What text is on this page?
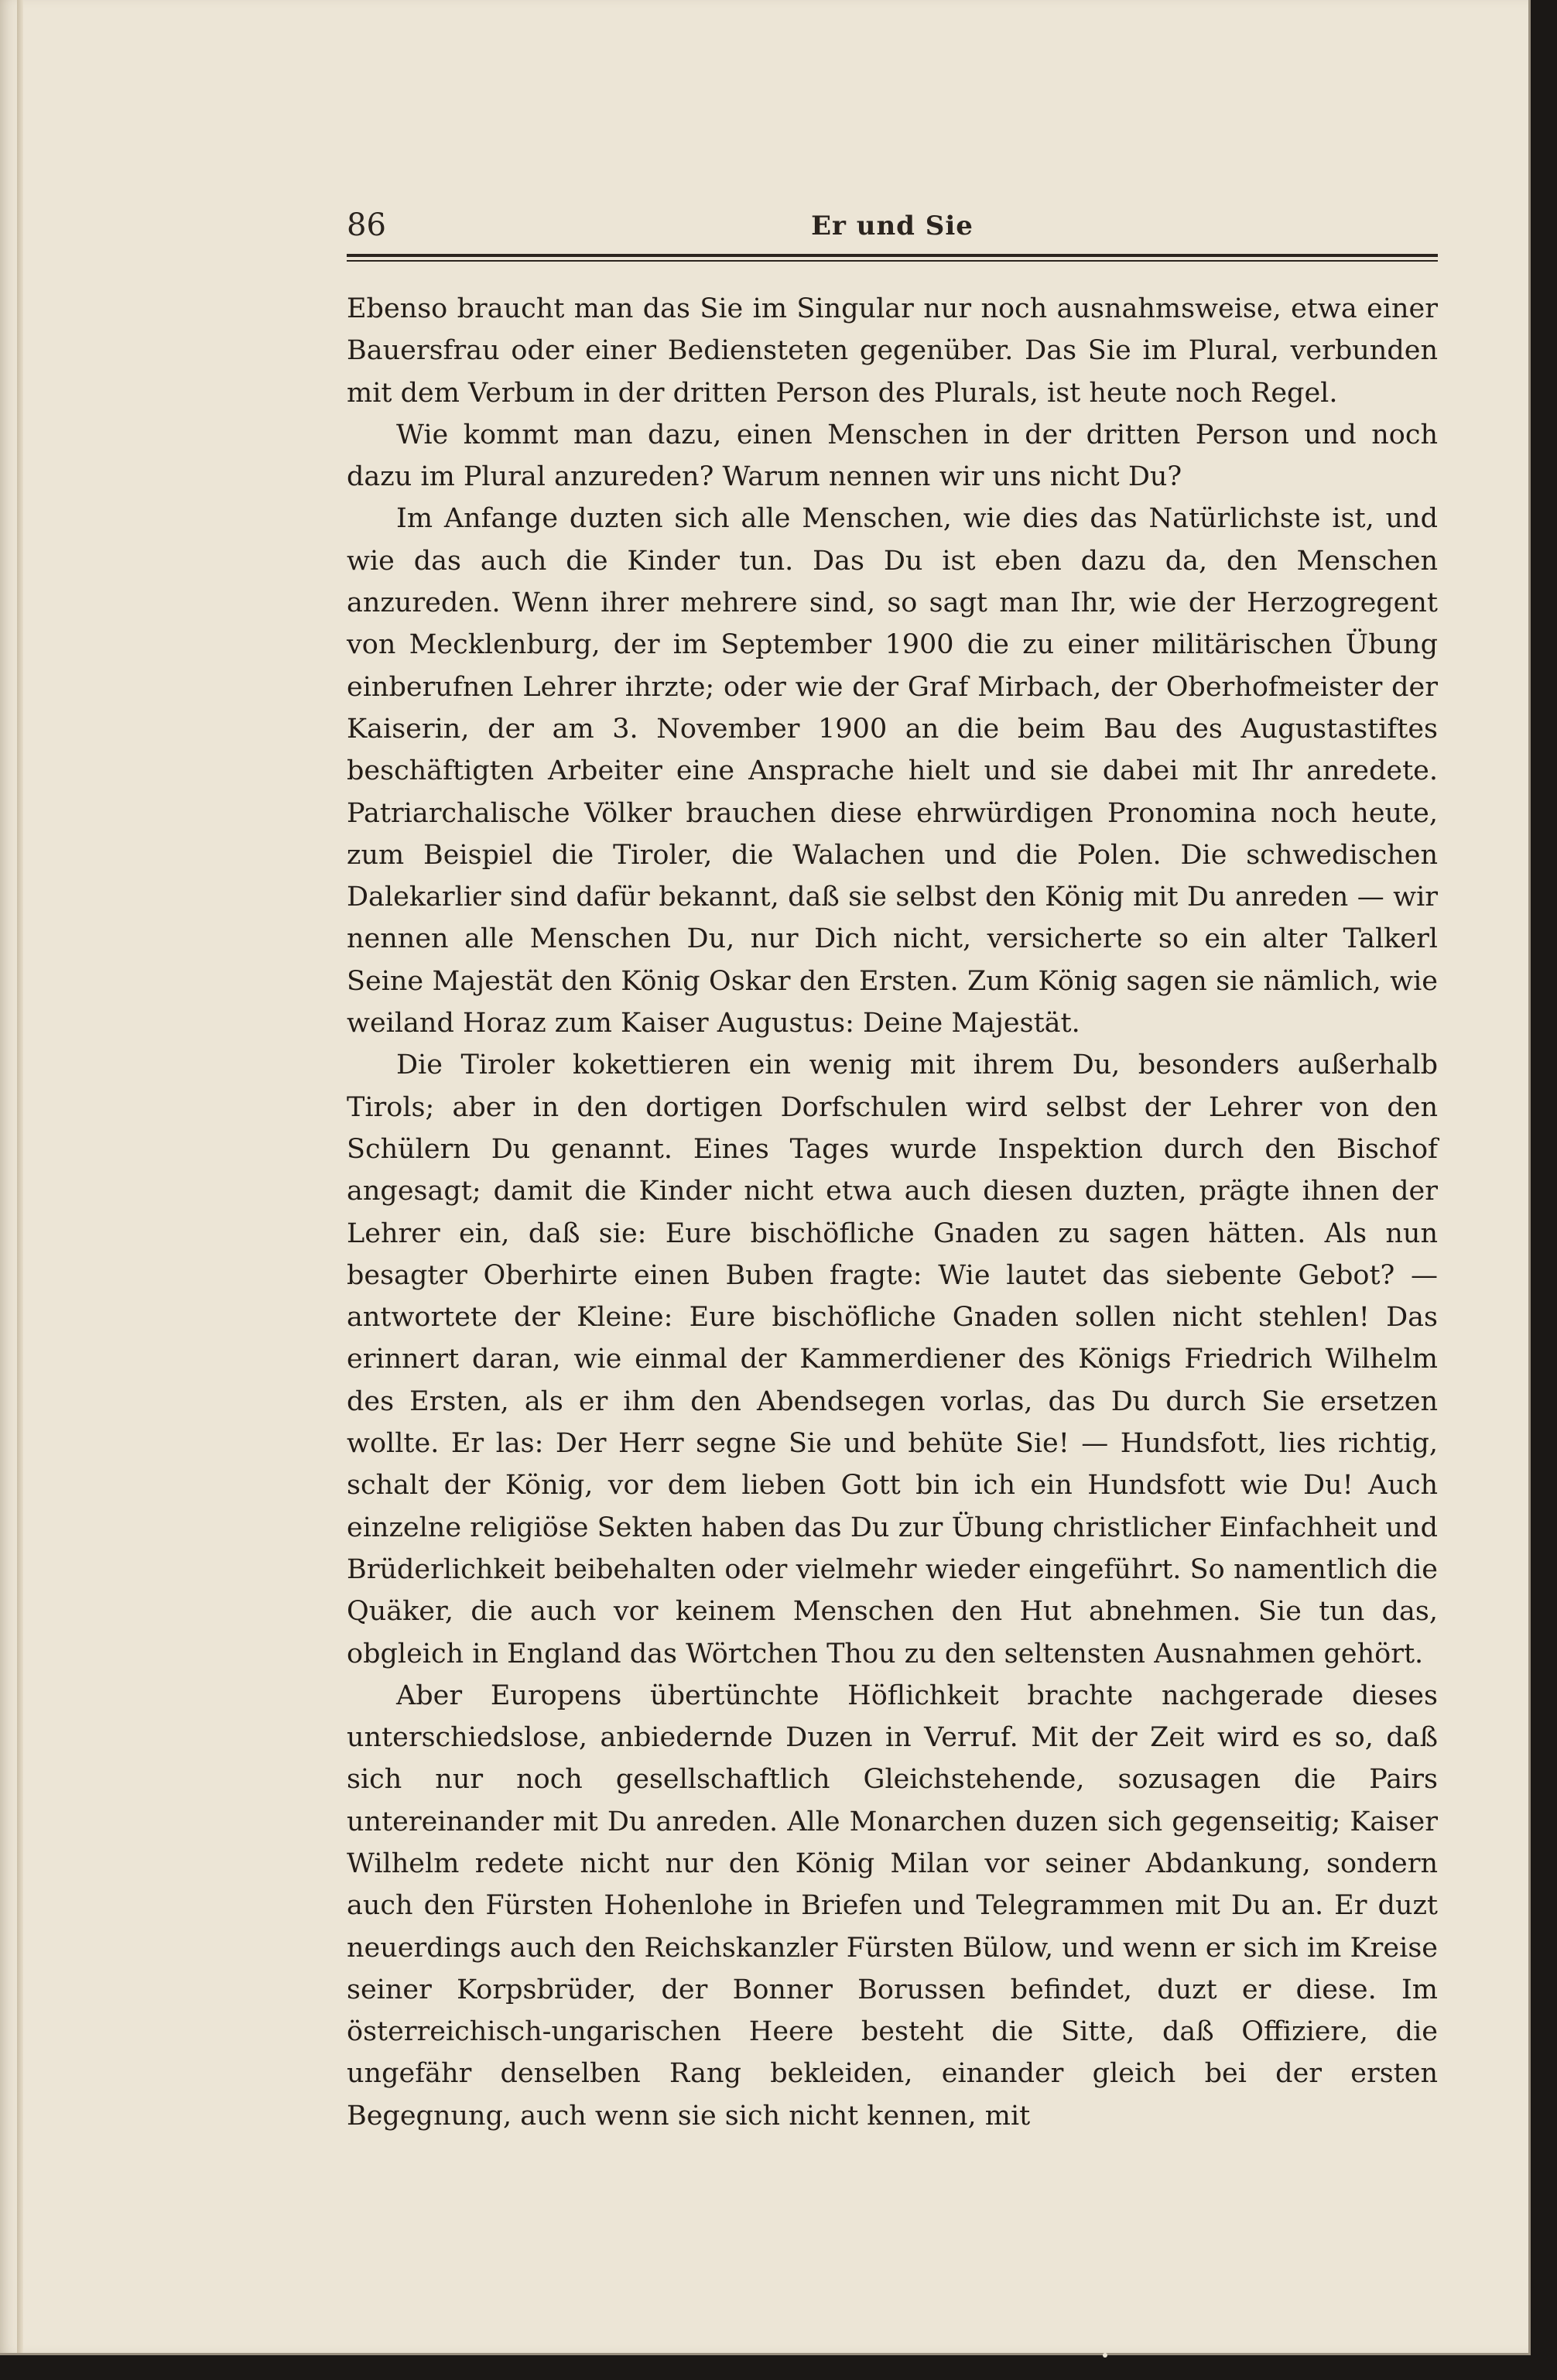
86	Er und Sie

Ebenso braucht man das Sie im Singular nur noch ausnahmsweise, etwa einer Bauersfrau oder einer Bediensteten gegenüber. Das Sie im Plural, verbunden mit dem Verbum in der dritten Person des Plurals, ist heute noch Regel.

Wie kommt man dazu, einen Menschen in der dritten Person und noch dazu im Plural anzureden? Warum nennen wir uns nicht Du?

Im Anfange duzten sich alle Menschen, wie dies das Natürlichste ist, und wie das auch die Kinder tun. Das Du ist eben dazu da, den Menschen anzureden. Wenn ihrer mehrere sind, so sagt man Ihr, wie der Herzogregent von Mecklenburg, der im September 1900 die zu einer militärischen Übung einberufnen Lehrer ihrzte; oder wie der Graf Mirbach, der Oberhofmeister der Kaiserin, der am 3. November 1900 an die beim Bau des Augustastiftes beschäftigten Arbeiter eine Ansprache hielt und sie dabei mit Ihr anredete. Patriarchalische Völker brauchen diese ehrwürdigen Pronomina noch heute, zum Beispiel die Tiroler, die Walachen und die Polen. Die schwedischen Dalekarlier sind dafür bekannt, daß sie selbst den König mit Du anreden — wir nennen alle Menschen Du, nur Dich nicht, versicherte so ein alter Talkerl Seine Majestät den König Oskar den Ersten. Zum König sagen sie nämlich, wie weiland Horaz zum Kaiser Augustus: Deine Majestät.

Die Tiroler kokettieren ein wenig mit ihrem Du, besonders außerhalb Tirols; aber in den dortigen Dorfschulen wird selbst der Lehrer von den Schülern Du genannt. Eines Tages wurde Inspektion durch den Bischof angesagt; damit die Kinder nicht etwa auch diesen duzten, prägte ihnen der Lehrer ein, daß sie: Eure bischöfliche Gnaden zu sagen hätten. Als nun besagter Oberhirte einen Buben fragte: Wie lautet das siebente Gebot? — antwortete der Kleine: Eure bischöfliche Gnaden sollen nicht stehlen! Das erinnert daran, wie einmal der Kammerdiener des Königs Friedrich Wilhelm des Ersten, als er ihm den Abendsegen vorlas, das Du durch Sie ersetzen wollte. Er las: Der Herr segne Sie und behüte Sie! — Hundsfott, lies richtig, schalt der König, vor dem lieben Gott bin ich ein Hundsfott wie Du! Auch einzelne religiöse Sekten haben das Du zur Übung christlicher Einfachheit und Brüderlichkeit beibehalten oder vielmehr wieder eingeführt. So namentlich die Quäker, die auch vor keinem Menschen den Hut abnehmen. Sie tun das, obgleich in England das Wörtchen Thou zu den seltensten Ausnahmen gehört.

Aber Europens übertünchte Höflichkeit brachte nachgerade dieses unterschiedslose, anbiedernde Duzen in Verruf. Mit der Zeit wird es so, daß sich nur noch gesellschaftlich Gleichstehende, sozusagen die Pairs untereinander mit Du anreden. Alle Monarchen duzen sich gegenseitig; Kaiser Wilhelm redete nicht nur den König Milan vor seiner Abdankung, sondern auch den Fürsten Hohenlohe in Briefen und Telegrammen mit Du an. Er duzt neuerdings auch den Reichskanzler Fürsten Bülow, und wenn er sich im Kreise seiner Korpsbrüder, der Bonner Borussen befindet, duzt er diese. Im österreichisch-ungarischen Heere besteht die Sitte, daß Offiziere, die ungefähr denselben Rang bekleiden, einander gleich bei der ersten Begegnung, auch wenn sie sich nicht kennen, mit
